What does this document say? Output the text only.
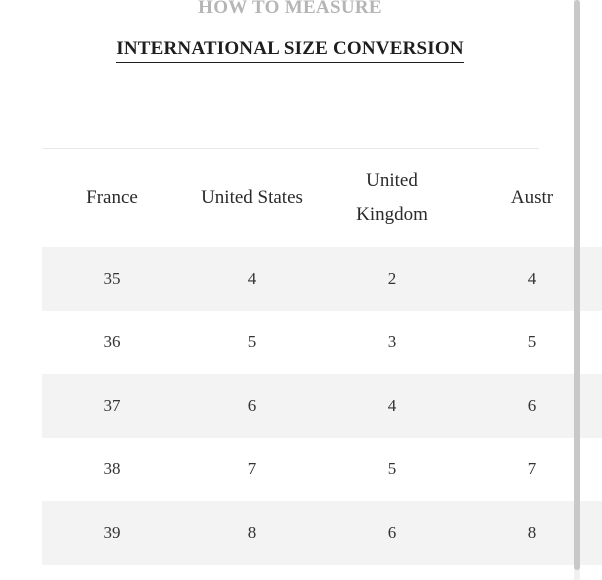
HOW TO MEASURE
INTERNATIONAL SIZE CONVERSION
France	United States	United Kingdom	Austr
35	4	2	4
36	5	3	5
37	6	4	6
38	7	5	7
39	8	6	8
